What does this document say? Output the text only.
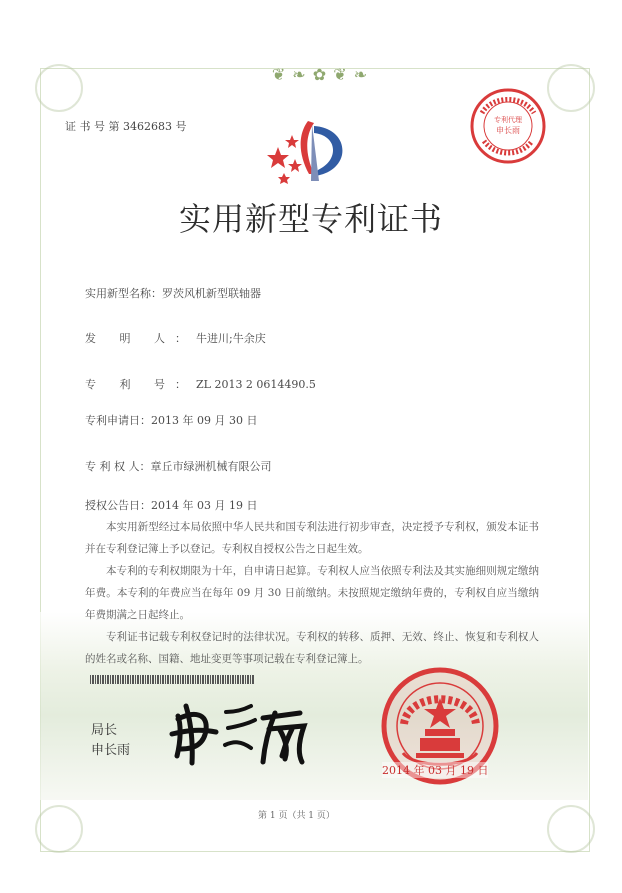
❦ ❧ ✿ ❦ ❧
证 书 号 第 3462683 号
实用新型专利证书
实用新型名称：罗茨风机新型联轴器
发 明 人：牛进川;牛余庆
专 利 号：ZL 2013 2 0614490.5
专利申请日：2013 年 09 月 30 日
专 利 权 人：章丘市绿洲机械有限公司
授权公告日：2014 年 03 月 19 日

本实用新型经过本局依照中华人民共和国专利法进行初步审查，决定授予专利权，颁发本证书并在专利登记簿上予以登记。专利权自授权公告之日起生效。

本专利的专利权期限为十年，自申请日起算。专利权人应当依照专利法及其实施细则规定缴纳年费。本专利的年费应当在每年 09 月 30 日前缴纳。未按照规定缴纳年费的，专利权自应当缴纳年费期满之日起终止。

专利证书记载专利权登记时的法律状况。专利权的转移、质押、无效、终止、恢复和专利权人的姓名或名称、国籍、地址变更等事项记载在专利登记簿上。

局长
申长雨
专利代理
申长雨
2014 年 03 月 19 日
第 1 页（共 1 页）
